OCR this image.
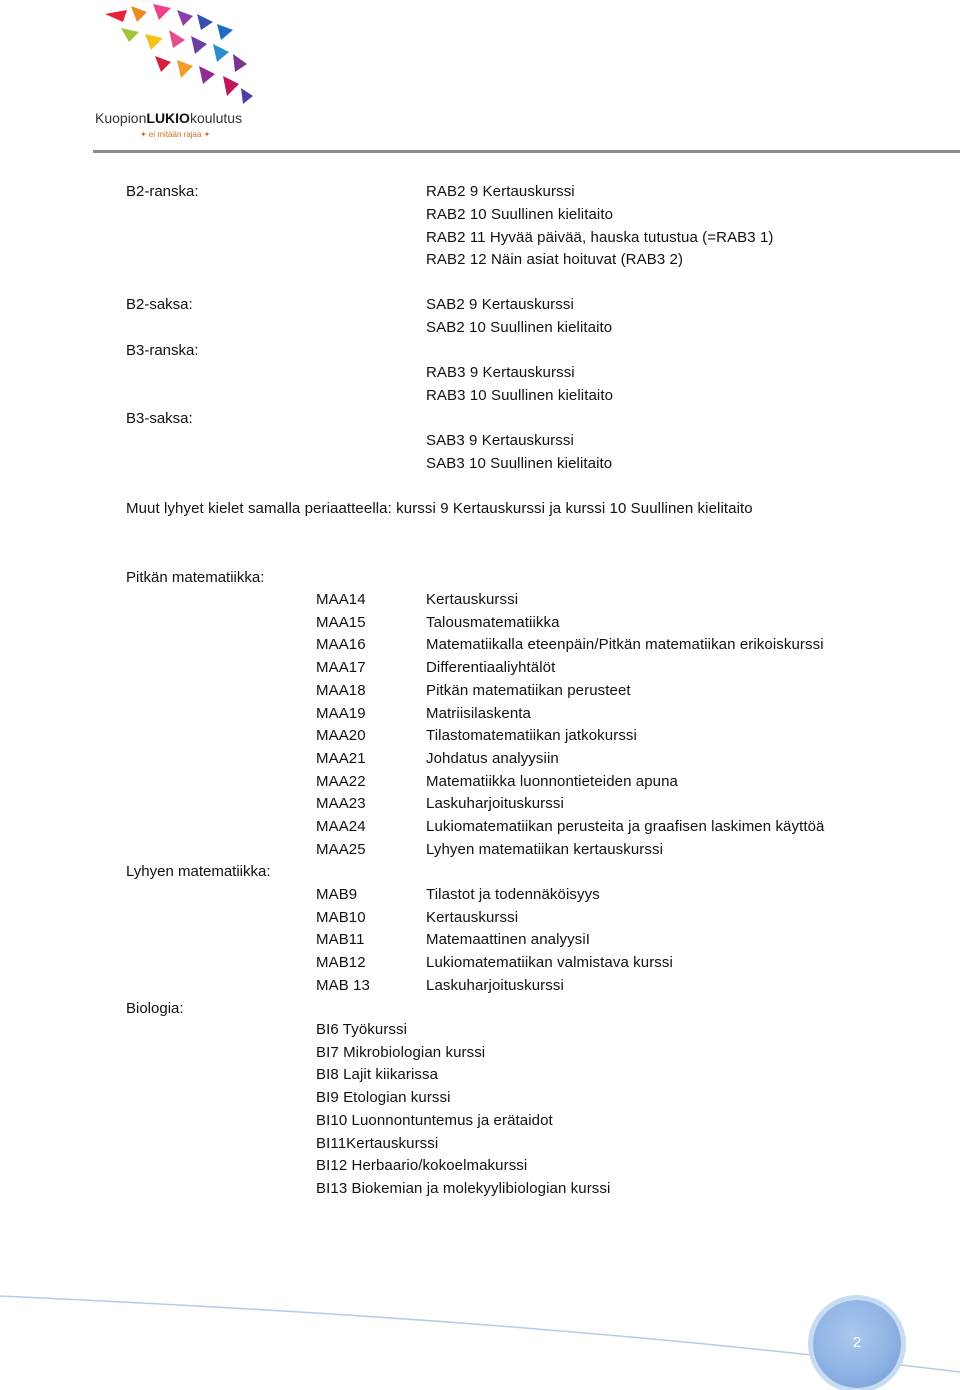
KuopionLUKIOkoulutus
✦ ei mitään rajaa ✦
B2-ranska:	RAB2 9 Kertauskurssi
RAB2 10 Suullinen kielitaito
RAB2 11 Hyvää päivää, hauska tutustua (=RAB3 1)
RAB2 12 Näin asiat hoituvat (RAB3 2)
B2-saksa:	SAB2 9 Kertauskurssi
SAB2 10 Suullinen kielitaito
B3-ranska:
RAB3 9 Kertauskurssi
RAB3 10 Suullinen kielitaito
B3-saksa:
SAB3 9 Kertauskurssi
SAB3 10 Suullinen kielitaito
Muut lyhyet kielet samalla periaatteella: kurssi 9 Kertauskurssi ja kurssi 10 Suullinen kielitaito
Pitkän matematiikka:
MAA14	Kertauskurssi
MAA15	Talousmatematiikka
MAA16	Matematiikalla eteenpäin/Pitkän matematiikan erikoiskurssi
MAA17	Differentiaaliyhtälöt
MAA18	Pitkän matematiikan perusteet
MAA19	Matriisilaskenta
MAA20	Tilastomatematiikan jatkokurssi
MAA21	Johdatus analyysiin
MAA22	Matematiikka luonnontieteiden apuna
MAA23	Laskuharjoituskurssi
MAA24	Lukiomatematiikan perusteita ja graafisen laskimen käyttöä
MAA25	Lyhyen matematiikan kertauskurssi
Lyhyen matematiikka:
MAB9	Tilastot ja todennäköisyys
MAB10	Kertauskurssi
MAB11	Matemaattinen analyysiI
MAB12	Lukiomatematiikan valmistava kurssi
MAB 13	Laskuharjoituskurssi
Biologia:
BI6 Työkurssi
BI7 Mikrobiologian kurssi
BI8 Lajit kiikarissa
BI9 Etologian kurssi
BI10 Luonnontuntemus ja erätaidot
BI11Kertauskurssi
BI12 Herbaario/kokoelmakurssi
BI13 Biokemian ja molekyylibiologian kurssi
2
